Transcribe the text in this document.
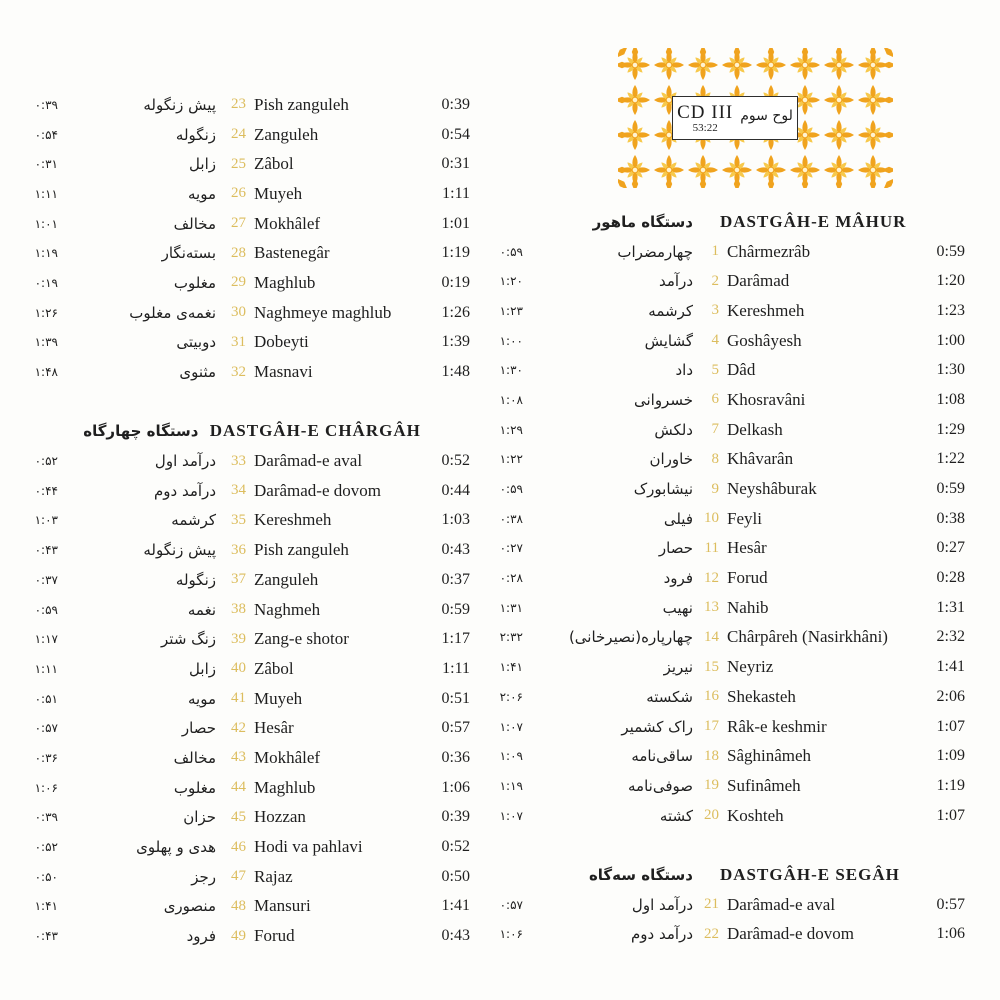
CD III
53:22
لوح سوم
۰:۳۹	پیش زنگوله	23 Pish zanguleh	0:39
۰:۵۴	زنگوله	24 Zanguleh	0:54
۰:۳۱	زابل	25 Zâbol	0:31
۱:۱۱	مویه	26 Muyeh	1:11
۱:۰۱	مخالف	27 Mokhâlef	1:01
۱:۱۹	بسته‌نگار	28 Bastenegâr	1:19
۰:۱۹	مغلوب	29 Maghlub	0:19
۱:۲۶	نغمه‌ی مغلوب	30 Naghmeye maghlub	1:26
۱:۳۹	دوبیتی	31 Dobeyti	1:39
۱:۴۸	مثنوی	32 Masnavi	1:48
دستگاه چهارگاه DASTGÂH-E CHÂRGÂH
۰:۵۲	درآمد اول	33 Darâmad-e aval	0:52
۰:۴۴	درآمد دوم	34 Darâmad-e dovom	0:44
۱:۰۳	کرشمه	35 Kereshmeh	1:03
۰:۴۳	پیش زنگوله	36 Pish zanguleh	0:43
۰:۳۷	زنگوله	37 Zanguleh	0:37
۰:۵۹	نغمه	38 Naghmeh	0:59
۱:۱۷	زنگ شتر	39 Zang-e shotor	1:17
۱:۱۱	زابل	40 Zâbol	1:11
۰:۵۱	مویه	41 Muyeh	0:51
۰:۵۷	حصار	42 Hesâr	0:57
۰:۳۶	مخالف	43 Mokhâlef	0:36
۱:۰۶	مغلوب	44 Maghlub	1:06
۰:۳۹	حزان	45 Hozzan	0:39
۰:۵۲	هدی و پهلوی	46 Hodi va pahlavi	0:52
۰:۵۰	رجز	47 Rajaz	0:50
۱:۴۱	منصوری	48 Mansuri	1:41
۰:۴۳	فرود	49 Forud	0:43
دستگاه ماهور DASTGÂH-E MÂHUR
۰:۵۹	چهارمضراب	1 Chârmezrâb	0:59
۱:۲۰	درآمد	2 Darâmad	1:20
۱:۲۳	کرشمه	3 Kereshmeh	1:23
۱:۰۰	گشایش	4 Goshâyesh	1:00
۱:۳۰	داد	5 Dâd	1:30
۱:۰۸	خسروانی	6 Khosravâni	1:08
۱:۲۹	دلکش	7 Delkash	1:29
۱:۲۲	خاوران	8 Khâvarân	1:22
۰:۵۹	نیشابورک	9 Neyshâburak	0:59
۰:۳۸	فیلی 10 Feyli	0:38
۰:۲۷	حصار 11 Hesâr	0:27
۰:۲۸	فرود 12 Forud	0:28
۱:۳۱	نهیب 13 Nahib	1:31
۲:۳۲	چهارپاره(نصیرخانی) 14 Chârpâreh (Nasirkhâni)	2:32
۱:۴۱	نیریز 15 Neyriz	1:41
۲:۰۶	شکسته 16 Shekasteh	2:06
۱:۰۷	راک کشمیر 17 Râk-e keshmir	1:07
۱:۰۹	ساقی‌نامه 18 Sâghinâmeh	1:09
۱:۱۹	صوفی‌نامه 19 Sufinâmeh	1:19
۱:۰۷	کشته 20 Koshteh	1:07
دستگاه سه‌گاه DASTGÂH-E SEGÂH
۰:۵۷	درآمد اول 21 Darâmad-e aval	0:57
۱:۰۶	درآمد دوم 22 Darâmad-e dovom	1:06
